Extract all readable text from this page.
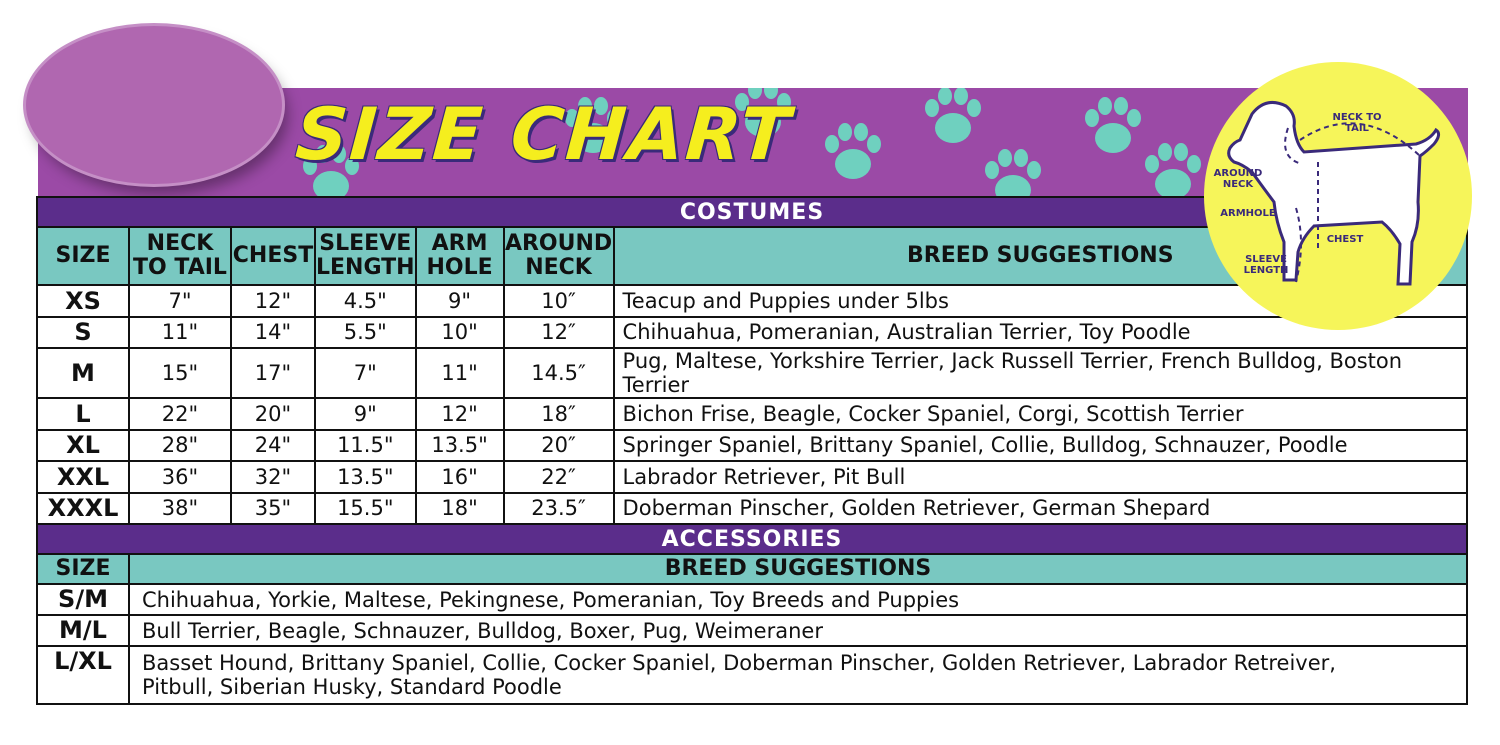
SIZE CHART
COSTUMES						
SIZE	NECK TO TAIL	CHEST	SLEEVE LENGTH	ARM HOLE	AROUND NECK	BREED SUGGESTIONS
XS	7"	12"	4.5"	9"	10″	Teacup and Puppies under 5lbs
S	11"	14"	5.5"	10"	12″	Chihuahua, Pomeranian, Australian Terrier, Toy Poodle
M	15"	17"	7"	11"	14.5″	Pug, Maltese, Yorkshire Terrier, Jack Russell Terrier, French Bulldog, Boston Terrier
L	22"	20"	9"	12"	18″	Bichon Frise, Beagle, Cocker Spaniel, Corgi, Scottish Terrier
XL	28"	24"	11.5"	13.5"	20″	Springer Spaniel, Brittany Spaniel, Collie, Bulldog, Schnauzer, Poodle
XXL	36"	32"	13.5"	16"	22″	Labrador Retriever, Pit Bull
XXXL	38"	35"	15.5"	18"	23.5″	Doberman Pinscher, Golden Retriever, German Shepard
ACCESSORIES						
SIZE	BREED SUGGESTIONS					
S/M	Chihuahua, Yorkie, Maltese, Pekingnese, Pomeranian, Toy Breeds and Puppies					

M/L	Bull Terrier, Beagle, Schnauzer, Bulldog, Boxer, Pug, Weimeraner					

L/XL	Basset Hound, Brittany Spaniel, Collie, Cocker Spaniel, Doberman Pinscher, Golden Retriever, Labrador Retreiver,
Pitbull, Siberian Husky, Standard Poodle					
NECK TO TAIL
AROUND NECK
ARMHOLE
CHEST
SLEEVE LENGTH
